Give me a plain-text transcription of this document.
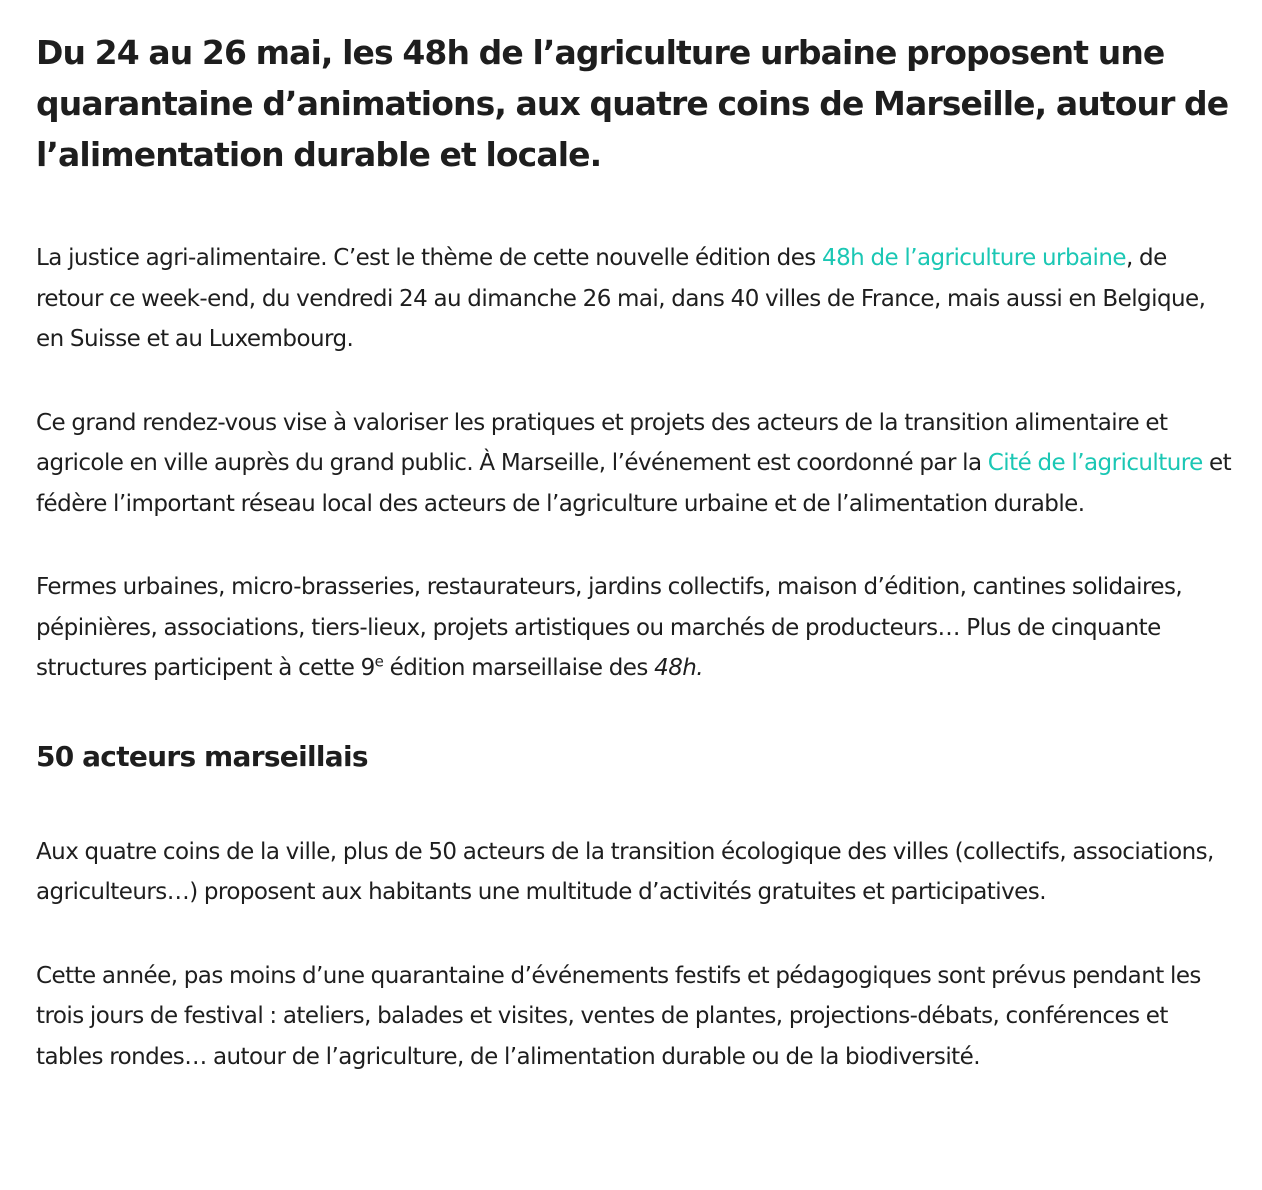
Du 24 au 26 mai, les 48h de l’agriculture urbaine proposent une quarantaine d’animations, aux quatre coins de Marseille, autour de l’alimentation durable et locale.

La justice agri-alimentaire. C’est le thème de cette nouvelle édition des 48h de l’agriculture urbaine, de retour ce week-end, du vendredi 24 au dimanche 26 mai, dans 40 villes de France, mais aussi en Belgique, en Suisse et au Luxembourg.

Ce grand rendez-vous vise à valoriser les pratiques et projets des acteurs de la transition alimentaire et agricole en ville auprès du grand public. À Marseille, l’événement est coordonné par la Cité de l’agriculture et fédère l’important réseau local des acteurs de l’agriculture urbaine et de l’alimentation durable.

Fermes urbaines, micro-brasseries, restaurateurs, jardins collectifs, maison d’édition, cantines solidaires, pépinières, associations, tiers-lieux, projets artistiques ou marchés de producteurs… Plus de cinquante structures participent à cette 9e édition marseillaise des 48h.

50 acteurs marseillais

Aux quatre coins de la ville, plus de 50 acteurs de la transition écologique des villes (collectifs, associations, agriculteurs…) proposent aux habitants une multitude d’activités gratuites et participatives.

Cette année, pas moins d’une quarantaine d’événements festifs et pédagogiques sont prévus pendant les trois jours de festival : ateliers, balades et visites, ventes de plantes, projections-débats, conférences et tables rondes… autour de l’agriculture, de l’alimentation durable ou de la biodiversité.
